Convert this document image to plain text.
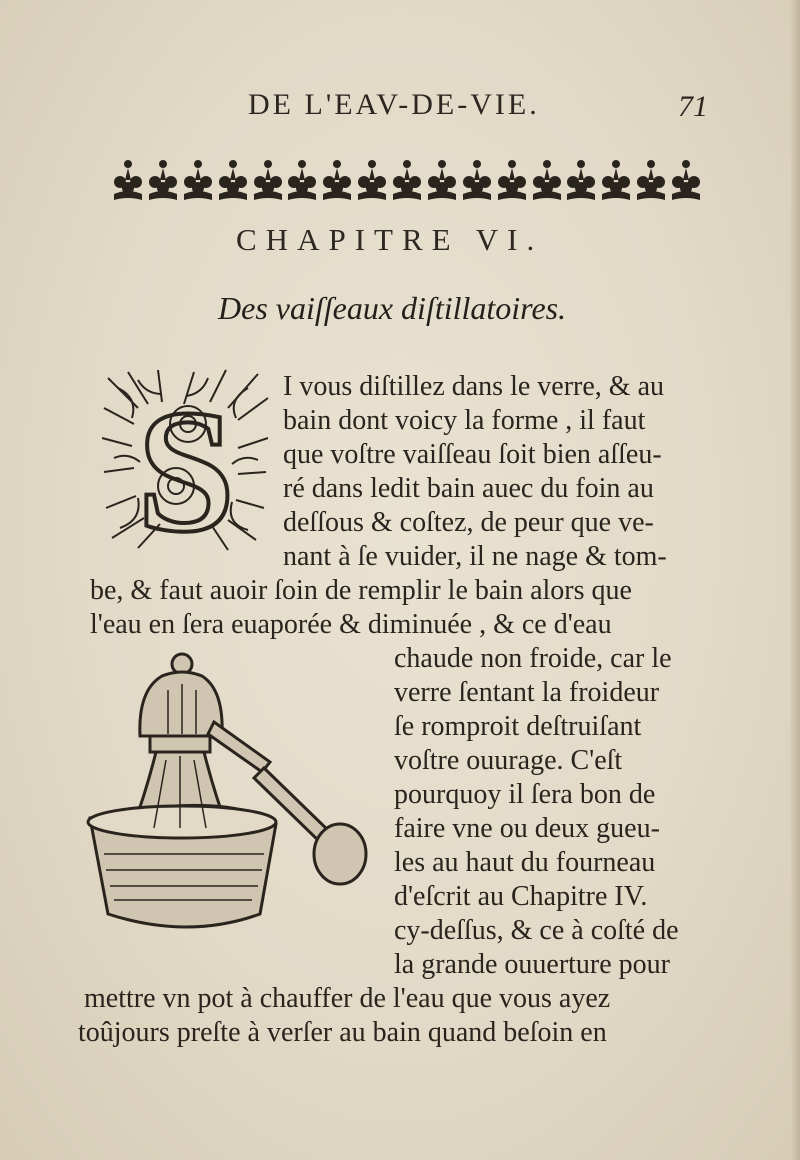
DE L'EAV-DE-VIE.	71
CHAPITRE VI.
Des vaiſſeaux diſtillatoires.
S I vous diſtillez dans le verre, & au
bain dont voicy la forme , il faut
que voſtre vaiſſeau ſoit bien aſſeu-
ré dans ledit bain auec du foin au
deſſous & coſtez, de peur que ve-
nant à ſe vuider, il ne nage & tom-
be, & faut auoir ſoin de remplir le bain alors que
l'eau en ſera euaporée & diminuée , & ce d'eau
chaude non froide, car le
verre ſentant la froideur
ſe romproit deſtruiſant
voſtre ouurage. C'eſt
pourquoy il ſera bon de
faire vne ou deux gueu-
les au haut du fourneau
d'eſcrit au Chapitre IV.
cy-deſſus, & ce à coſté de
la grande ouuerture pour
mettre vn pot à chauffer de l'eau que vous ayez
toûjours preſte à verſer au bain quand beſoin en
